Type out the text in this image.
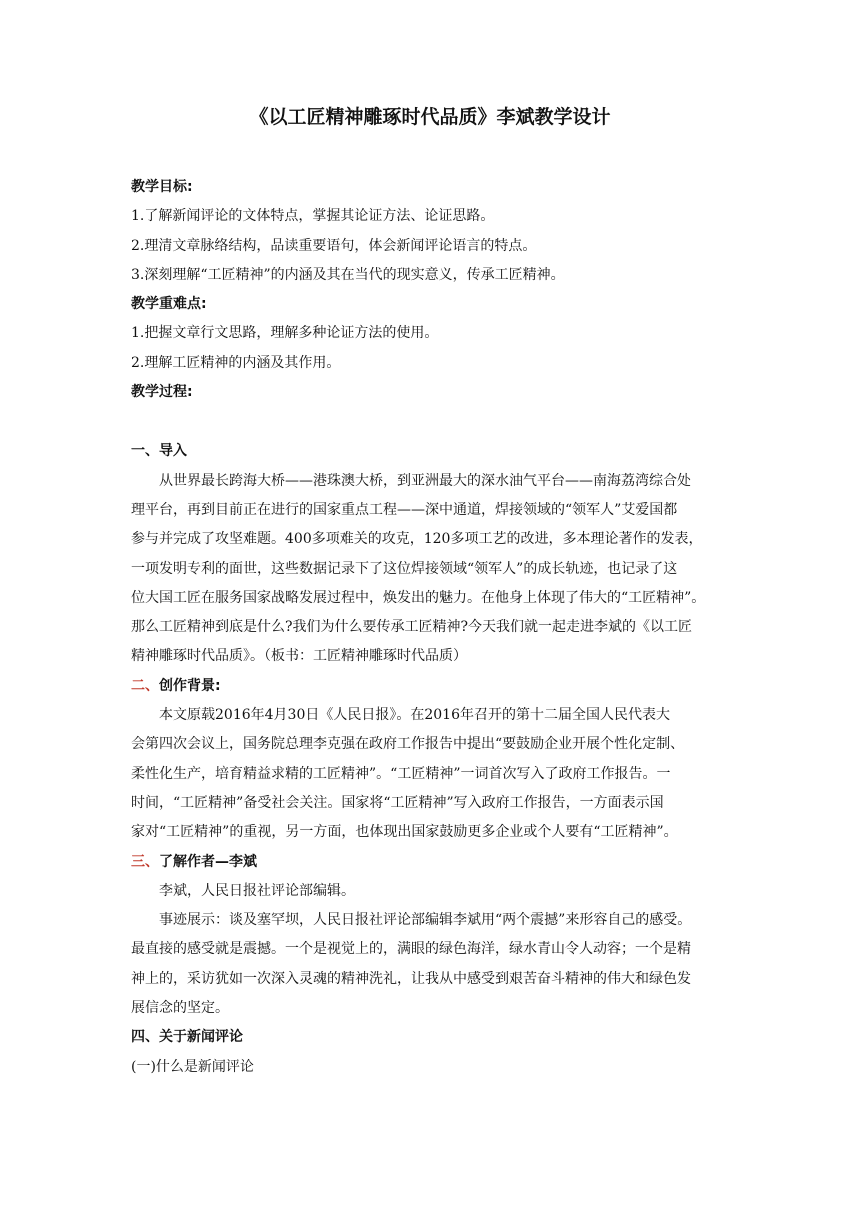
《以工匠精神雕琢时代品质》李斌教学设计
教学目标:
1.了解新闻评论的文体特点，掌握其论证方法、论证思路。
2.理清文章脉络结构，品读重要语句，体会新闻评论语言的特点。
3.深刻理解“工匠精神”的内涵及其在当代的现实意义，传承工匠精神。
教学重难点:
1.把握文章行文思路，理解多种论证方法的使用。
2.理解工匠精神的内涵及其作用。
教学过程:
一、导入
从世界最长跨海大桥——港珠澳大桥，到亚洲最大的深水油气平台——南海荔湾综合处
理平台，再到目前正在进行的国家重点工程——深中通道，焊接领域的“领军人”艾爱国都
参与并完成了攻坚难题。400多项难关的攻克，120多项工艺的改进，多本理论著作的发表，
一项发明专利的面世，这些数据记录下了这位焊接领域“领军人”的成长轨迹，也记录了这
位大国工匠在服务国家战略发展过程中，焕发出的魅力。在他身上体现了伟大的“工匠精神”。
那么工匠精神到底是什么?我们为什么要传承工匠精神?今天我们就一起走进李斌的《以工匠
精神雕琢时代品质》。（板书：工匠精神雕琢时代品质）
二、创作背景:
本文原载2016年4月30日《人民日报》。在2016年召开的第十二届全国人民代表大
会第四次会议上，国务院总理李克强在政府工作报告中提出“要鼓励企业开展个性化定制、
柔性化生产，培育精益求精的工匠精神”。“工匠精神”一词首次写入了政府工作报告。一
时间，“工匠精神”备受社会关注。国家将“工匠精神”写入政府工作报告，一方面表示国
家对“工匠精神”的重视，另一方面，也体现出国家鼓励更多企业或个人要有“工匠精神”。
三、了解作者—李斌
李斌，人民日报社评论部编辑。
事迹展示：谈及塞罕坝，人民日报社评论部编辑李斌用“两个震撼”来形容自己的感受。
最直接的感受就是震撼。一个是视觉上的，满眼的绿色海洋，绿水青山令人动容；一个是精
神上的，采访犹如一次深入灵魂的精神洗礼，让我从中感受到艰苦奋斗精神的伟大和绿色发
展信念的坚定。
四、关于新闻评论
(一)什么是新闻评论
